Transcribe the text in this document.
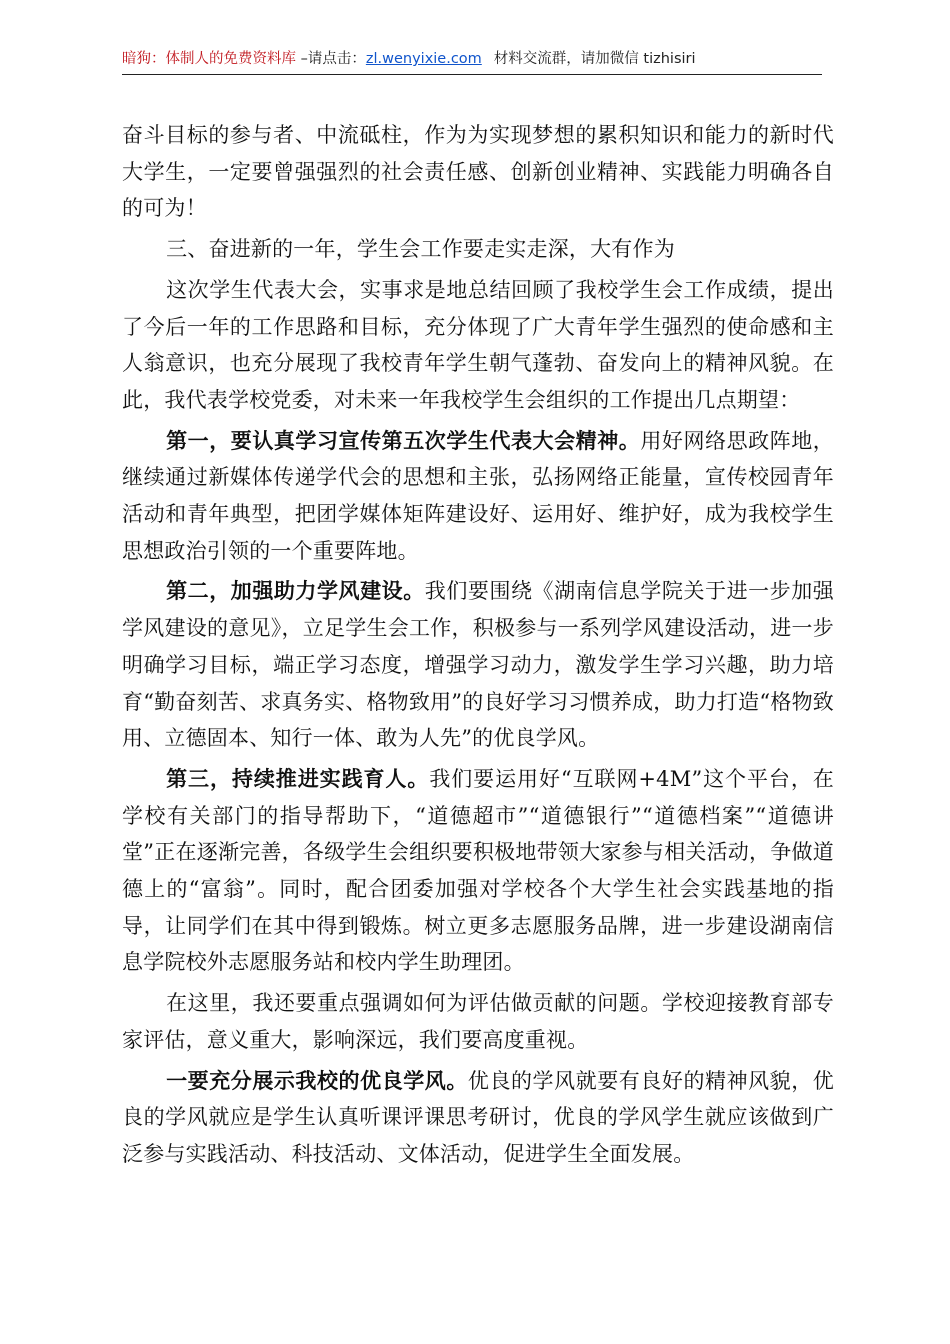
暗狗：体制人的免费资料库 –请点击：zl.wenyixie.com 材料交流群，请加微信 tizhisiri

奋斗目标的参与者、中流砥柱，作为为实现梦想的累积知识和能力的新时代大学生，一定要曾强强烈的社会责任感、创新创业精神、实践能力明确各自的可为！

三、奋进新的一年，学生会工作要走实走深，大有作为

这次学生代表大会，实事求是地总结回顾了我校学生会工作成绩，提出了今后一年的工作思路和目标，充分体现了广大青年学生强烈的使命感和主人翁意识，也充分展现了我校青年学生朝气蓬勃、奋发向上的精神风貌。在此，我代表学校党委，对未来一年我校学生会组织的工作提出几点期望：

第一，要认真学习宣传第五次学生代表大会精神。用好网络思政阵地，继续通过新媒体传递学代会的思想和主张，弘扬网络正能量，宣传校园青年活动和青年典型，把团学媒体矩阵建设好、运用好、维护好，成为我校学生思想政治引领的一个重要阵地。

第二，加强助力学风建设。我们要围绕《湖南信息学院关于进一步加强学风建设的意见》，立足学生会工作，积极参与一系列学风建设活动，进一步明确学习目标，端正学习态度，增强学习动力，激发学生学习兴趣，助力培育“勤奋刻苦、求真务实、格物致用”的良好学习习惯养成，助力打造“格物致用、立德固本、知行一体、敢为人先”的优良学风。

第三，持续推进实践育人。我们要运用好“互联网+4M”这个平台，在学校有关部门的指导帮助下，“道德超市”“道德银行”“道德档案”“道德讲堂”正在逐渐完善，各级学生会组织要积极地带领大家参与相关活动，争做道德上的“富翁”。同时，配合团委加强对学校各个大学生社会实践基地的指导，让同学们在其中得到锻炼。树立更多志愿服务品牌，进一步建设湖南信息学院校外志愿服务站和校内学生助理团。

在这里，我还要重点强调如何为评估做贡献的问题。学校迎接教育部专家评估，意义重大，影响深远，我们要高度重视。

一要充分展示我校的优良学风。优良的学风就要有良好的精神风貌，优良的学风就应是学生认真听课评课思考研讨，优良的学风学生就应该做到广泛参与实践活动、科技活动、文体活动，促进学生全面发展。
